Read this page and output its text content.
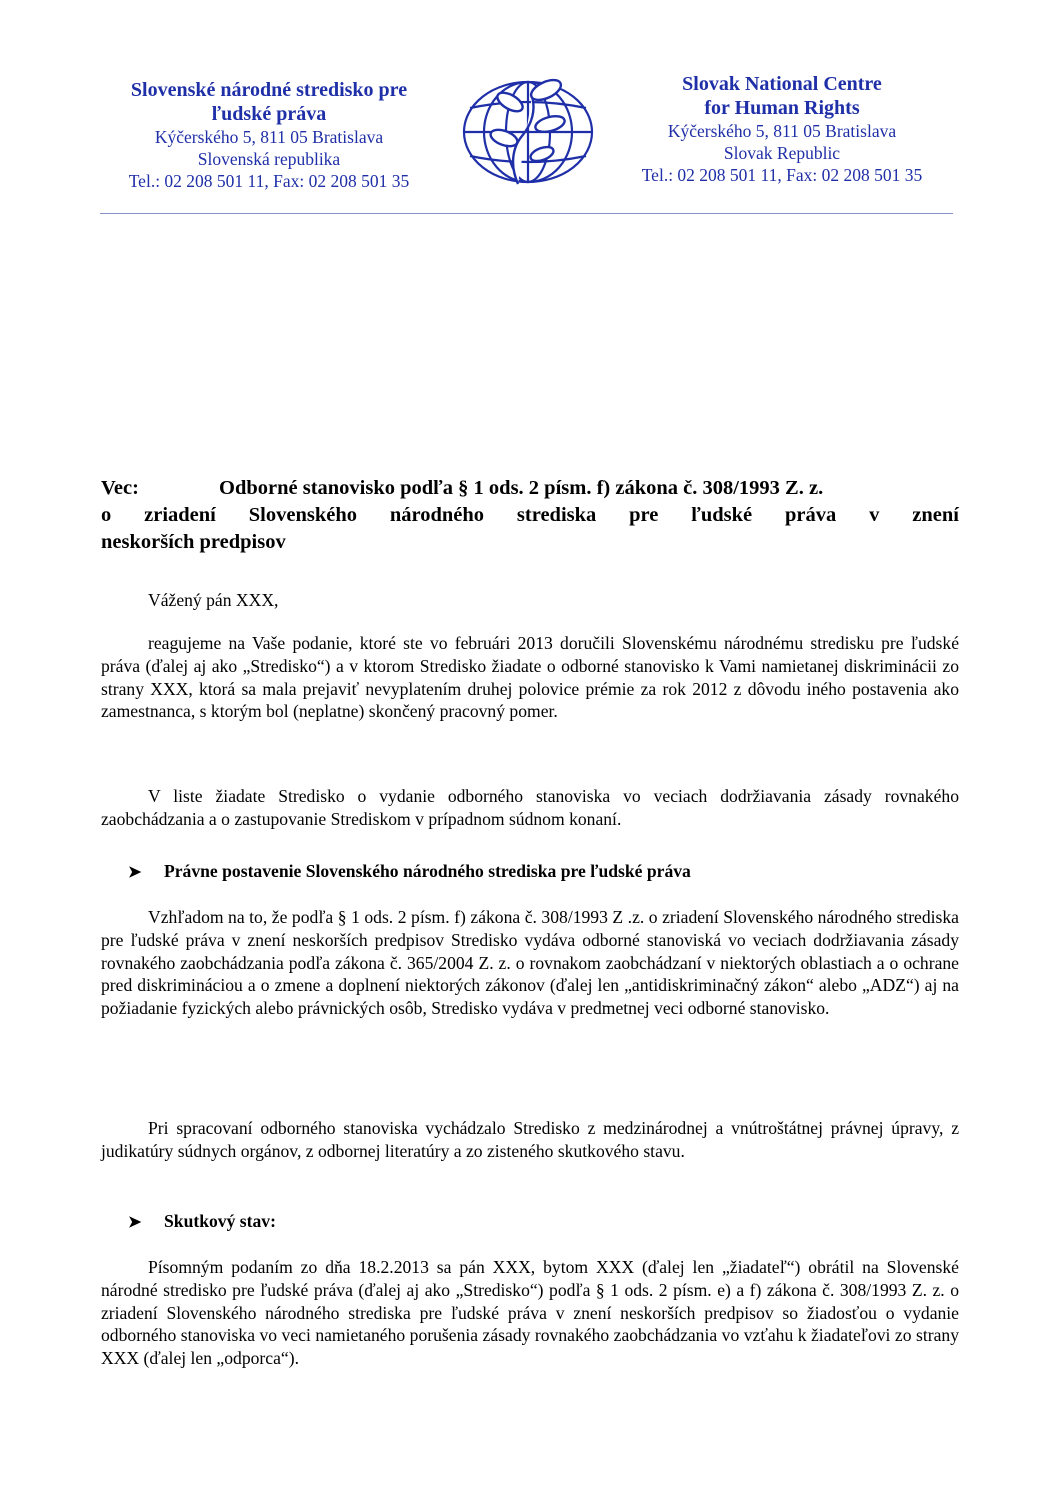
Slovenské národné stredisko pre
ľudské práva
Kýčerského 5, 811 05 Bratislava
Slovenská republika
Tel.: 02 208 501 11, Fax: 02 208 501 35
Slovak National Centre
for Human Rights
Kýčerského 5, 811 05 Bratislava
Slovak Republic
Tel.: 02 208 501 11, Fax: 02 208 501 35
Vec:	Odborné stanovisko podľa § 1 ods. 2 písm. f) zákona č. 308/1993 Z. z.
o zriadení Slovenského národného strediska pre ľudské práva v znení
neskorších predpisov
Vážený pán XXX,
reagujeme na Vaše podanie, ktoré ste vo februári 2013 doručili Slovenskému národnému stredisku pre ľudské práva (ďalej aj ako „Stredisko“) a v ktorom Stredisko žiadate o odborné stanovisko k Vami namietanej diskriminácii zo strany XXX, ktorá sa mala prejaviť nevyplatením druhej polovice prémie za rok 2012 z dôvodu iného postavenia ako zamestnanca, s ktorým bol (neplatne) skončený pracovný pomer.
V liste žiadate Stredisko o vydanie odborného stanoviska vo veciach dodržiavania zásady rovnakého zaobchádzania a o zastupovanie Strediskom v prípadnom súdnom konaní.
➤	Právne postavenie Slovenského národného strediska pre ľudské práva
Vzhľadom na to, že podľa § 1 ods. 2 písm. f) zákona č. 308/1993 Z .z. o zriadení Slovenského národného strediska pre ľudské práva v znení neskorších predpisov Stredisko vydáva odborné stanoviská vo veciach dodržiavania zásady rovnakého zaobchádzania podľa zákona č. 365/2004 Z. z. o rovnakom zaobchádzaní v niektorých oblastiach a o ochrane pred diskrimináciou a o zmene a doplnení niektorých zákonov (ďalej len „antidiskriminačný zákon“ alebo „ADZ“) aj na požiadanie fyzických alebo právnických osôb, Stredisko vydáva v predmetnej veci odborné stanovisko.
Pri spracovaní odborného stanoviska vychádzalo Stredisko z medzinárodnej a vnútroštátnej právnej úpravy, z judikatúry súdnych orgánov, z odbornej literatúry a zo zisteného skutkového stavu.
➤	Skutkový stav:
Písomným podaním zo dňa 18.2.2013 sa pán XXX, bytom XXX (ďalej len „žiadateľ“) obrátil na Slovenské národné stredisko pre ľudské práva (ďalej aj ako „Stredisko“) podľa § 1 ods. 2 písm. e) a f) zákona č. 308/1993 Z. z. o zriadení Slovenského národného strediska pre ľudské práva v znení neskorších predpisov so žiadosťou o vydanie odborného stanoviska vo veci namietaného porušenia zásady rovnakého zaobchádzania vo vzťahu k žiadateľovi zo strany XXX (ďalej len „odporca“).
